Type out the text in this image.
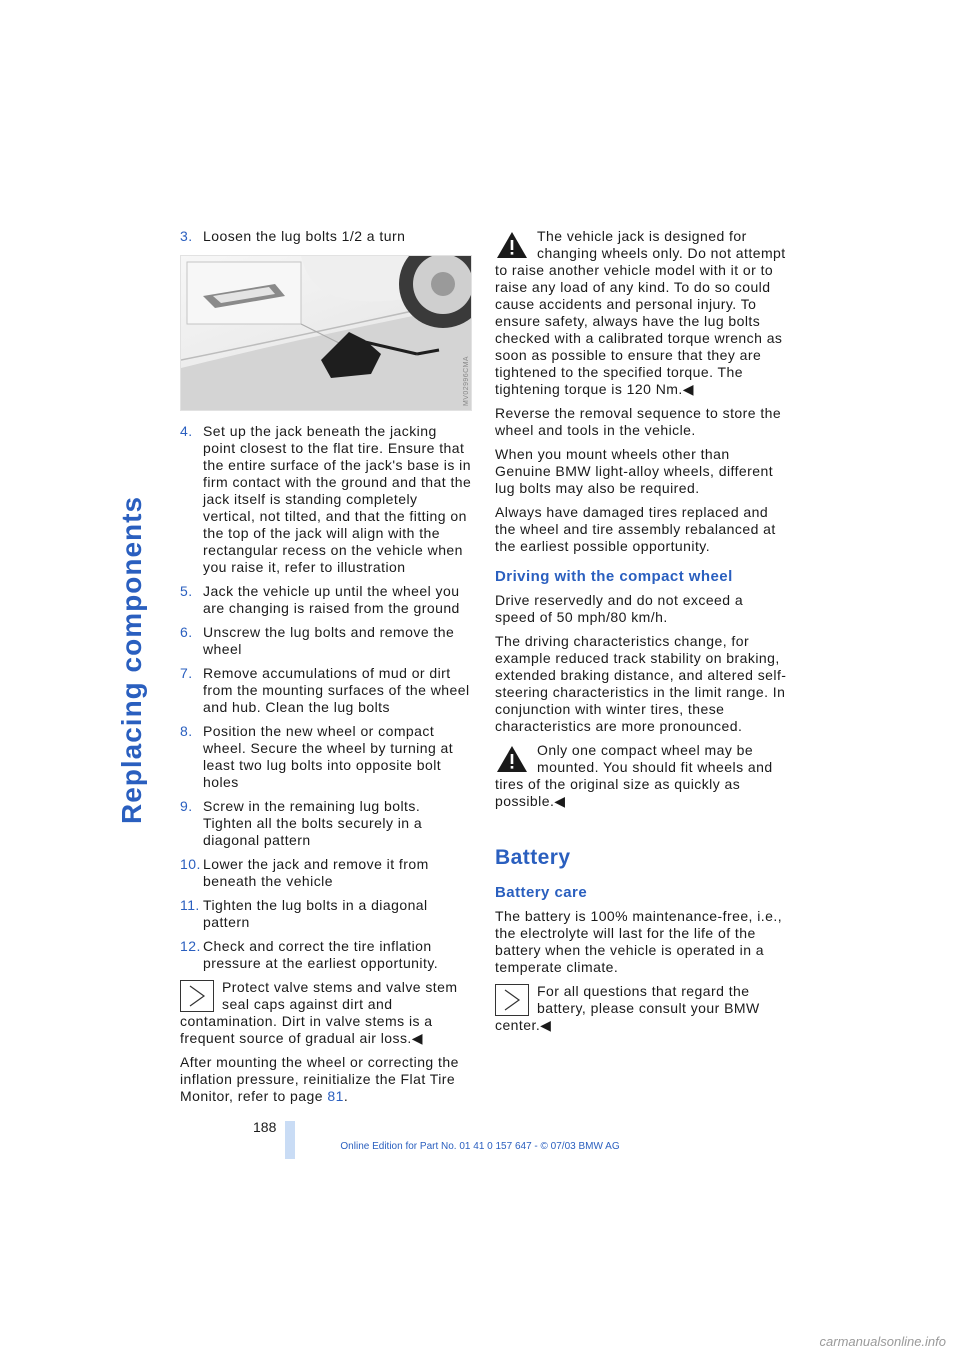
Replacing components
3. Loosen the lug bolts 1/2 a turn
MV02996CMA
4. Set up the jack beneath the jacking point closest to the flat tire. Ensure that the entire surface of the jack's base is in firm contact with the ground and that the jack itself is standing completely vertical, not tilted, and that the fitting on the top of the jack will align with the rectangular recess on the vehicle when you raise it, refer to illustration
5. Jack the vehicle up until the wheel you are changing is raised from the ground
6. Unscrew the lug bolts and remove the wheel
7. Remove accumulations of mud or dirt from the mounting surfaces of the wheel and hub. Clean the lug bolts
8. Position the new wheel or compact wheel. Secure the wheel by turning at least two lug bolts into opposite bolt holes
9. Screw in the remaining lug bolts. Tighten all the bolts securely in a diagonal pattern
10. Lower the jack and remove it from beneath the vehicle
11. Tighten the lug bolts in a diagonal pattern
12. Check and correct the tire inflation pressure at the earliest opportunity.
Protect valve stems and valve stem seal caps against dirt and contamination. Dirt in valve stems is a frequent source of gradual air loss.◀

After mounting the wheel or correcting the inflation pressure, reinitialize the Flat Tire Monitor, refer to page 81.

The vehicle jack is designed for changing wheels only. Do not attempt to raise another vehicle model with it or to raise any load of any kind. To do so could cause accidents and personal injury. To ensure safety, always have the lug bolts checked with a calibrated torque wrench as soon as possible to ensure that they are tightened to the specified torque. The tightening torque is 120 Nm.◀

Reverse the removal sequence to store the wheel and tools in the vehicle.

When you mount wheels other than Genuine BMW light-alloy wheels, different lug bolts may also be required.

Always have damaged tires replaced and the wheel and tire assembly rebalanced at the earliest possible opportunity.

Driving with the compact wheel

Drive reservedly and do not exceed a speed of 50 mph/80 km/h.

The driving characteristics change, for example reduced track stability on braking, extended braking distance, and altered self-steering characteristics in the limit range. In conjunction with winter tires, these characteristics are more pronounced.

Only one compact wheel may be mounted. You should fit wheels and tires of the original size as quickly as possible.◀
Battery
Battery care

The battery is 100% maintenance-free, i.e., the electrolyte will last for the life of the battery when the vehicle is operated in a temperate climate.

For all questions that regard the battery, please consult your BMW center.◀
188
Online Edition for Part No. 01 41 0 157 647 - © 07/03 BMW AG
carmanualsonline.info
